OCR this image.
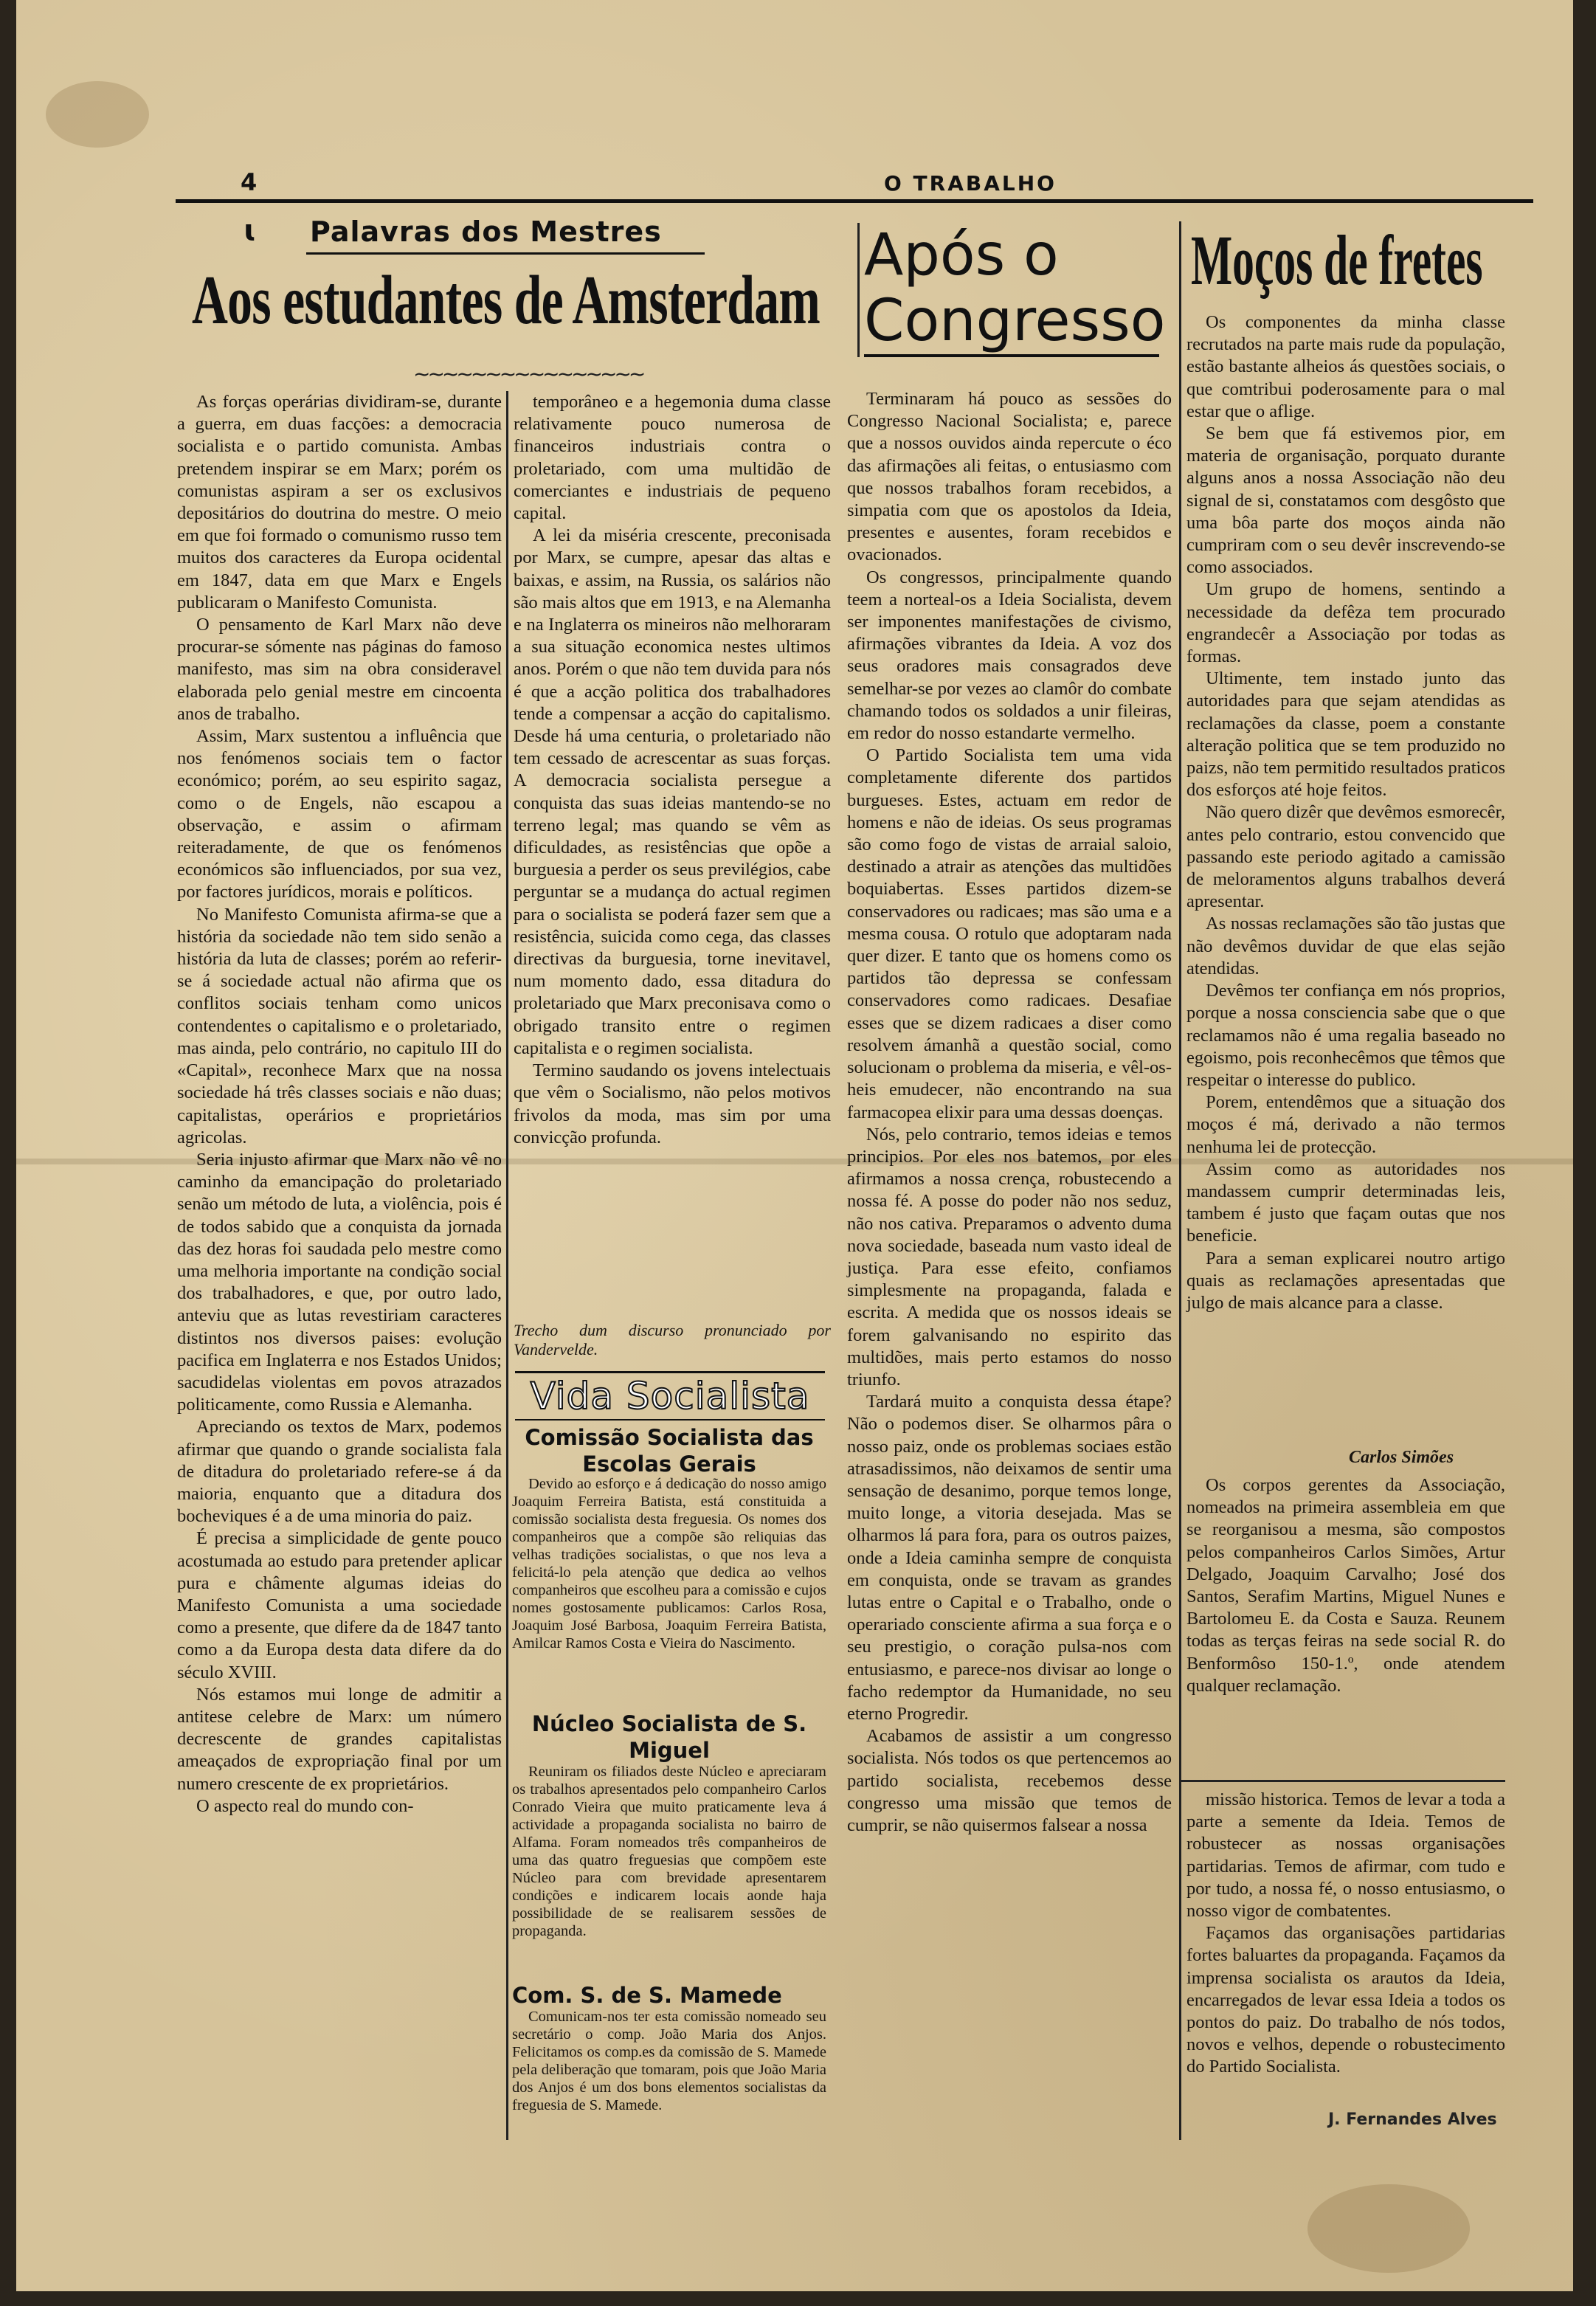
4	O TRABALHO
ɩ Palavras dos Mestres
Aos estudantes de Amsterdam
~~~~~~~~~~~~~~~~

As forças operárias dividiram-se, durante a guerra, em duas facções: a democracia socialista e o partido comunista. Ambas pretendem inspirar se em Marx; porém os comunistas aspiram a ser os exclusivos depositários do doutrina do mestre. O meio em que foi formado o comunismo russo tem muitos dos caracteres da Europa ocidental em 1847, data em que Marx e Engels publicaram o Manifesto Comunista.

O pensamento de Karl Marx não deve procurar-se sómente nas páginas do famoso manifesto, mas sim na obra consideravel elaborada pelo genial mestre em cincoenta anos de trabalho.

Assim, Marx sustentou a influência que nos fenómenos sociais tem o factor económico; porém, ao seu espirito sagaz, como o de Engels, não escapou a observação, e assim o afirmam reiteradamente, de que os fenómenos económicos são influenciados, por sua vez, por factores jurídicos, morais e políticos.

No Manifesto Comunista afirma-se que a história da sociedade não tem sido senão a história da luta de classes; porém ao referir-se á sociedade actual não afirma que os conflitos sociais tenham como unicos contendentes o capitalismo e o proletariado, mas ainda, pelo contrário, no capitulo III do «Capital», reconhece Marx que na nossa sociedade há três classes sociais e não duas; capitalistas, operários e proprietários agricolas.

Seria injusto afirmar que Marx não vê no caminho da emancipação do proletariado senão um método de luta, a violência, pois é de todos sabido que a conquista da jornada das dez horas foi saudada pelo mestre como uma melhoria importante na condição social dos trabalhadores, e que, por outro lado, anteviu que as lutas revestiriam caracteres distintos nos diversos paises: evolução pacifica em Inglaterra e nos Estados Unidos; sacudidelas violentas em povos atrazados politicamente, como Russia e Alemanha.

Apreciando os textos de Marx, podemos afirmar que quando o grande socialista fala de ditadura do proletariado refere-se á da maioria, enquanto que a ditadura dos bocheviques é a de uma minoria do paiz.

É precisa a simplicidade de gente pouco acostumada ao estudo para pretender aplicar pura e châmente algumas ideias do Manifesto Comunista a uma sociedade como a presente, que difere da de 1847 tanto como a da Europa desta data difere da do século XVIII.

Nós estamos mui longe de admitir a antitese celebre de Marx: um número decrescente de grandes capitalistas ameaçados de expropriação final por um numero crescente de ex proprietários.

O aspecto real do mundo con-

temporâneo e a hegemonia duma classe relativamente pouco numerosa de financeiros industriais contra o proletariado, com uma multidão de comerciantes e industriais de pequeno capital.

A lei da miséria crescente, preconisada por Marx, se cumpre, apesar das altas e baixas, e assim, na Russia, os salários não são mais altos que em 1913, e na Alemanha e na Inglaterra os mineiros não melhoraram a sua situação economica nestes ultimos anos. Porém o que não tem duvida para nós é que a acção politica dos trabalhadores tende a compensar a acção do capitalismo. Desde há uma centuria, o proletariado não tem cessado de acrescentar as suas forças. A democracia socialista persegue a conquista das suas ideias mantendo-se no terreno legal; mas quando se vêm as dificuldades, as resistências que opõe a burguesia a perder os seus previlégios, cabe perguntar se a mudança do actual regimen para o socialista se poderá fazer sem que a resistência, suicida como cega, das classes directivas da burguesia, torne inevitavel, num momento dado, essa ditadura do proletariado que Marx preconisava como o obrigado transito entre o regimen capitalista e o regimen socialista.

Termino saudando os jovens intelectuais que vêm o Socialismo, não pelos motivos frivolos da moda, mas sim por uma convicção profunda.

Trecho dum discurso pronunciado por Vandervelde.
Vida Socialista
Comissão Socialista das Escolas Gerais

Devido ao esforço e á dedicação do nosso amigo Joaquim Ferreira Batista, está constituida a comissão socialista desta freguesia. Os nomes dos companheiros que a compõe são reliquias das velhas tradições socialistas, o que nos leva a felicitá-lo pela atenção que dedica ao velhos companheiros que escolheu para a comissão e cujos nomes gostosamente publicamos: Carlos Rosa, Joaquim José Barbosa, Joaquim Ferreira Batista, Amilcar Ramos Costa e Vieira do Nascimento.

Núcleo Socialista de S. Miguel

Reuniram os filiados deste Núcleo e apreciaram os trabalhos apresentados pelo companheiro Carlos Conrado Vieira que muito praticamente leva á actividade a propaganda socialista no bairro de Alfama. Foram nomeados três companheiros de uma das quatro freguesias que compõem este Núcleo para com brevidade apresentarem condições e indicarem locais aonde haja possibilidade de se realisarem sessões de propaganda.

Com. S. de S. Mamede

Comunicam-nos ter esta comissão nomeado seu secretário o comp. João Maria dos Anjos. Felicitamos os comp.es da comissão de S. Mamede pela deliberação que tomaram, pois que João Maria dos Anjos é um dos bons elementos socialistas da freguesia de S. Mamede.

Após o
Congresso

Terminaram há pouco as sessões do Congresso Nacional Socialista; e, parece que a nossos ouvidos ainda repercute o éco das afirmações ali feitas, o entusiasmo com que nossos trabalhos foram recebidos, a simpatia com que os apostolos da Ideia, presentes e ausentes, foram recebidos e ovacionados.

Os congressos, principalmente quando teem a norteal-os a Ideia Socialista, devem ser imponentes manifestações de civismo, afirmações vibrantes da Ideia. A voz dos seus oradores mais consagrados deve semelhar-se por vezes ao clamôr do combate chamando todos os soldados a unir fileiras, em redor do nosso estandarte vermelho.

O Partido Socialista tem uma vida completamente diferente dos partidos burgueses. Estes, actuam em redor de homens e não de ideias. Os seus programas são como fogo de vistas de arraial saloio, destinado a atrair as atenções das multidões boquiabertas. Esses partidos dizem-se conservadores ou radicaes; mas são uma e a mesma cousa. O rotulo que adoptaram nada quer dizer. E tanto que os homens como os partidos tão depressa se confessam conservadores como radicaes. Desafiae esses que se dizem radicaes a diser como resolvem ámanhã a questão social, como solucionam o problema da miseria, e vêl-os-heis emudecer, não encontrando na sua farmacopea elixir para uma dessas doenças.

Nós, pelo contrario, temos ideias e temos principios. Por eles nos batemos, por eles afirmamos a nossa crença, robustecendo a nossa fé. A posse do poder não nos seduz, não nos cativa. Preparamos o advento duma nova sociedade, baseada num vasto ideal de justiça. Para esse efeito, confiamos simplesmente na propaganda, falada e escrita. A medida que os nossos ideais se forem galvanisando no espirito das multidões, mais perto estamos do nosso triunfo.

Tardará muito a conquista dessa étape? Não o podemos diser. Se olharmos pâra o nosso paiz, onde os problemas sociaes estão atrasadissimos, não deixamos de sentir uma sensação de desanimo, porque temos longe, muito longe, a vitoria desejada. Mas se olharmos lá para fora, para os outros paizes, onde a Ideia caminha sempre de conquista em conquista, onde se travam as grandes lutas entre o Capital e o Trabalho, onde o operariado consciente afirma a sua força e o seu prestigio, o coração pulsa-nos com entusiasmo, e parece-nos divisar ao longe o facho redemptor da Humanidade, no seu eterno Progredir.

Acabamos de assistir a um congresso socialista. Nós todos os que pertencemos ao partido socialista, recebemos desse congresso uma missão que temos de cumprir, se não quisermos falsear a nossa

Moços de fretes

Os componentes da minha classe recrutados na parte mais rude da população, estão bastante alheios ás questões sociais, o que comtribui poderosamente para o mal estar que o aflige.

Se bem que fá estivemos pior, em materia de organisação, porquato durante alguns anos a nossa Associação não deu signal de si, constatamos com desgôsto que uma bôa parte dos moços ainda não cumpriram com o seu devêr inscrevendo-se como associados.

Um grupo de homens, sentindo a necessidade da defêza tem procurado engrandecêr a Associação por todas as formas.

Ultimente, tem instado junto das autoridades para que sejam atendidas as reclamações da classe, poem a constante alteração politica que se tem produzido no paizs, não tem permitido resultados praticos dos esforços até hoje feitos.

Não quero dizêr que devêmos esmorecêr, antes pelo contrario, estou convencido que passando este periodo agitado a camissão de meloramentos alguns trabalhos deverá apresentar.

As nossas reclamações são tão justas que não devêmos duvidar de que elas sejão atendidas.

Devêmos ter confiança em nós proprios, porque a nossa consciencia sabe que o que reclamamos não é uma regalia baseado no egoismo, pois reconhecêmos que têmos que respeitar o interesse do publico.

Porem, entendêmos que a situação dos moços é má, derivado a não termos nenhuma lei de protecção.

Assim como as autoridades nos mandassem cumprir determinadas leis, tambem é justo que façam outas que nos beneficie.

Para a seman explicarei noutro artigo quais as reclamações apresentadas que julgo de mais alcance para a classe.

Carlos Simões

Os corpos gerentes da Associação, nomeados na primeira assembleia em que se reorganisou a mesma, são compostos pelos companheiros Carlos Simões, Artur Delgado, Joaquim Carvalho; José dos Santos, Serafim Martins, Miguel Nunes e Bartolomeu E. da Costa e Sauza. Reunem todas as terças feiras na sede social R. do Benformôso 150-1.º, onde atendem qualquer reclamação.

missão historica. Temos de levar a toda a parte a semente da Ideia. Temos de robustecer as nossas organisações partidarias. Temos de afirmar, com tudo e por tudo, a nossa fé, o nosso entusiasmo, o nosso vigor de combatentes.

Façamos das organisações partidarias fortes baluartes da propaganda. Façamos da imprensa socialista os arautos da Ideia, encarregados de levar essa Ideia a todos os pontos do paiz. Do trabalho de nós todos, novos e velhos, depende o robustecimento do Partido Socialista.

J. Fernandes Alves
